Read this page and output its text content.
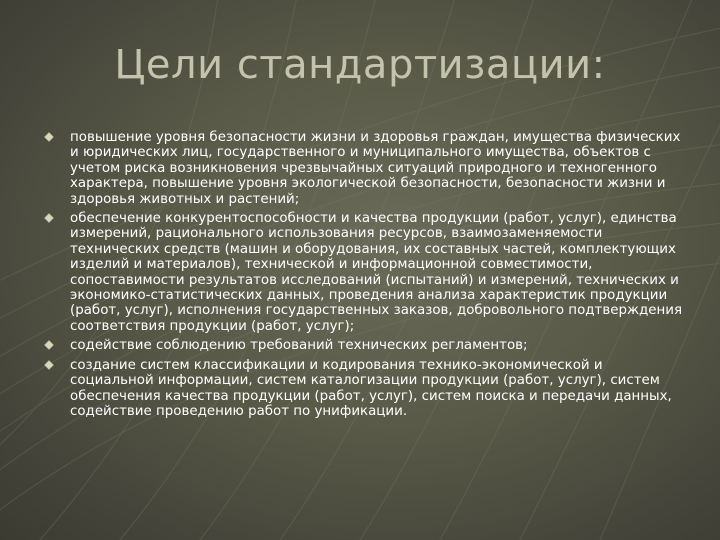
Цели стандартизации:
повышение уровня безопасности жизни и здоровья граждан, имущества физических и юридических лиц, государственного и муниципального имущества, объектов с учетом риска возникновения чрезвычайных ситуаций природного и техногенного характера, повышение уровня экологической безопасности, безопасности жизни и здоровья животных и растений;
обеспечение конкурентоспособности и качества продукции (работ, услуг), единства измерений, рационального использования ресурсов, взаимозаменяемости технических средств (машин и оборудования, их составных частей, комплектующих изделий и материалов), технической и информационной совместимости, сопоставимости результатов исследований (испытаний) и измерений, технических и экономико-статистических данных, проведения анализа характеристик продукции (работ, услуг), исполнения государственных заказов, добровольного подтверждения соответствия продукции (работ, услуг);
содействие соблюдению требований технических регламентов;
создание систем классификации и кодирования технико-экономической и социальной информации, систем каталогизации продукции (работ, услуг), систем обеспечения качества продукции (работ, услуг), систем поиска и передачи данных, содействие проведению работ по унификации.
